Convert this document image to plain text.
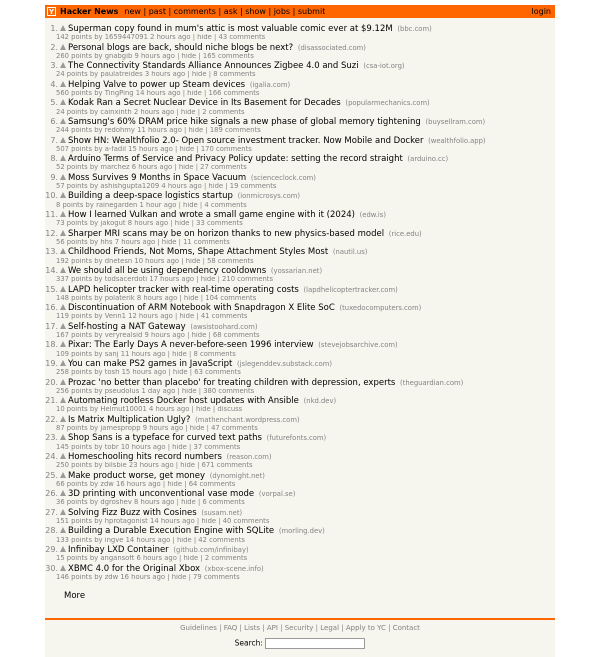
Y Hacker News new | past | comments | ask | show | jobs | submit	login
1. Superman copy found in mum's attic is most valuable comic ever at $9.12M (bbc.com)
142 points by 1659447091 2 hours ago | hide | 43 comments
2. Personal blogs are back, should niche blogs be next? (disassociated.com)
260 points by gnabgib 9 hours ago | hide | 165 comments
3. The Connectivity Standards Alliance Announces Zigbee 4.0 and Suzi (csa-iot.org)
24 points by paulatreides 3 hours ago | hide | 8 comments
4. Helping Valve to power up Steam devices (igalia.com)
560 points by TingPing 14 hours ago | hide | 166 comments
5. Kodak Ran a Secret Nuclear Device in Its Basement for Decades (popularmechanics.com)
24 points by cainxinth 2 hours ago | hide | 2 comments
6. Samsung's 60% DRAM price hike signals a new phase of global memory tightening (buysellram.com)
244 points by redohmy 11 hours ago | hide | 189 comments
7. Show HN: Wealthfolio 2.0- Open source investment tracker. Now Mobile and Docker (wealthfolio.app)
507 points by a-fadil 15 hours ago | hide | 170 comments
8. Arduino Terms of Service and Privacy Policy update: setting the record straight (arduino.cc)
52 points by marchez 6 hours ago | hide | 27 comments
9. Moss Survives 9 Months in Space Vacuum (scienceclock.com)
57 points by ashishgupta1209 4 hours ago | hide | 19 comments
10. Building a deep-space logistics startup (ionmicrosys.com)
8 points by rainegarden 1 hour ago | hide | 4 comments
11. How I learned Vulkan and wrote a small game engine with it (2024) (edw.is)
73 points by jakogut 8 hours ago | hide | 33 comments
12. Sharper MRI scans may be on horizon thanks to new physics-based model (rice.edu)
56 points by hhs 7 hours ago | hide | 11 comments
13. Childhood Friends, Not Moms, Shape Attachment Styles Most (nautil.us)
192 points by dnetesn 10 hours ago | hide | 58 comments
14. We should all be using dependency cooldowns (yossarian.net)
337 points by todsacerdoti 17 hours ago | hide | 210 comments
15. LAPD helicopter tracker with real-time operating costs (lapdhelicoptertracker.com)
148 points by polaterik 8 hours ago | hide | 104 comments
16. Discontinuation of ARM Notebook with Snapdragon X Elite SoC (tuxedocomputers.com)
119 points by Venn1 12 hours ago | hide | 41 comments
17. Self-hosting a NAT Gateway (awsistoohard.com)
167 points by veryrealsid 9 hours ago | hide | 68 comments
18. Pixar: The Early Days A never-before-seen 1996 interview (stevejobsarchive.com)
109 points by sanj 11 hours ago | hide | 8 comments
19. You can make PS2 games in JavaScript (jslegenddev.substack.com)
258 points by tosh 15 hours ago | hide | 63 comments
20. Prozac 'no better than placebo' for treating children with depression, experts (theguardian.com)
256 points by pseudolus 1 day ago | hide | 380 comments
21. Automating rootless Docker host updates with Ansible (nkd.dev)
10 points by Helmut10001 4 hours ago | hide | discuss
22. Is Matrix Multiplication Ugly? (mathenchant.wordpress.com)
87 points by jamespropp 9 hours ago | hide | 47 comments
23. Shop Sans is a typeface for curved text paths (futurefonts.com)
145 points by tobr 10 hours ago | hide | 37 comments
24. Homeschooling hits record numbers (reason.com)
250 points by bilsbie 23 hours ago | hide | 671 comments
25. Make product worse, get money (dynomight.net)
66 points by zdw 16 hours ago | hide | 64 comments
26. 3D printing with unconventional vase mode (vorpal.se)
36 points by dgroshev 8 hours ago | hide | 6 comments
27. Solving Fizz Buzz with Cosines (susam.net)
151 points by hprotagonist 14 hours ago | hide | 40 comments
28. Building a Durable Execution Engine with SQLite (morling.dev)
133 points by ingve 14 hours ago | hide | 42 comments
29. Infinibay LXD Container (github.com/infinibay)
15 points by angansoft 6 hours ago | hide | 2 comments
30. XBMC 4.0 for the Original Xbox (xbox-scene.info)
146 points by zdw 16 hours ago | hide | 79 comments
More
Guidelines | FAQ | Lists | API | Security | Legal | Apply to YC | Contact
Search:
